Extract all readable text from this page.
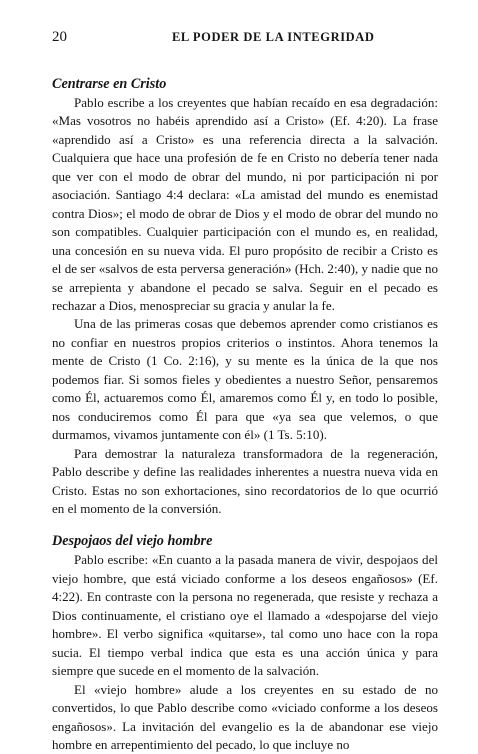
20	EL PODER DE LA INTEGRIDAD
Centrarse en Cristo

Pablo escribe a los creyentes que habían recaído en esa degradación: «Mas vosotros no habéis aprendido así a Cristo» (Ef. 4:20). La frase «aprendido así a Cristo» es una referencia directa a la salvación. Cualquiera que hace una profesión de fe en Cristo no debería tener nada que ver con el modo de obrar del mundo, ni por participación ni por asociación. Santiago 4:4 declara: «La amistad del mundo es enemistad contra Dios»; el modo de obrar de Dios y el modo de obrar del mundo no son compatibles. Cualquier participación con el mundo es, en realidad, una concesión en su nueva vida. El puro propósito de recibir a Cristo es el de ser «salvos de esta perversa generación» (Hch. 2:40), y nadie que no se arrepienta y abandone el pecado se salva. Seguir en el pecado es rechazar a Dios, menospreciar su gracia y anular la fe.

Una de las primeras cosas que debemos aprender como cristianos es no confiar en nuestros propios criterios o instintos. Ahora tenemos la mente de Cristo (1 Co. 2:16), y su mente es la única de la que nos podemos fiar. Si somos fieles y obedientes a nuestro Señor, pensaremos como Él, actuaremos como Él, amaremos como Él y, en todo lo posible, nos conduciremos como Él para que «ya sea que velemos, o que durmamos, vivamos juntamente con él» (1 Ts. 5:10).

Para demostrar la naturaleza transformadora de la regeneración, Pablo describe y define las realidades inherentes a nuestra nueva vida en Cristo. Estas no son exhortaciones, sino recordatorios de lo que ocurrió en el momento de la conversión.

Despojaos del viejo hombre

Pablo escribe: «En cuanto a la pasada manera de vivir, despojaos del viejo hombre, que está viciado conforme a los deseos engañosos» (Ef. 4:22). En contraste con la persona no regenerada, que resiste y rechaza a Dios continuamente, el cristiano oye el llamado a «despojarse del viejo hombre». El verbo significa «quitarse», tal como uno hace con la ropa sucia. El tiempo verbal indica que esta es una acción única y para siempre que sucede en el momento de la salvación.

El «viejo hombre» alude a los creyentes en su estado de no convertidos, lo que Pablo describe como «viciado conforme a los deseos engañosos». La invitación del evangelio es la de abandonar ese viejo hombre en arrepentimiento del pecado, lo que incluye no
